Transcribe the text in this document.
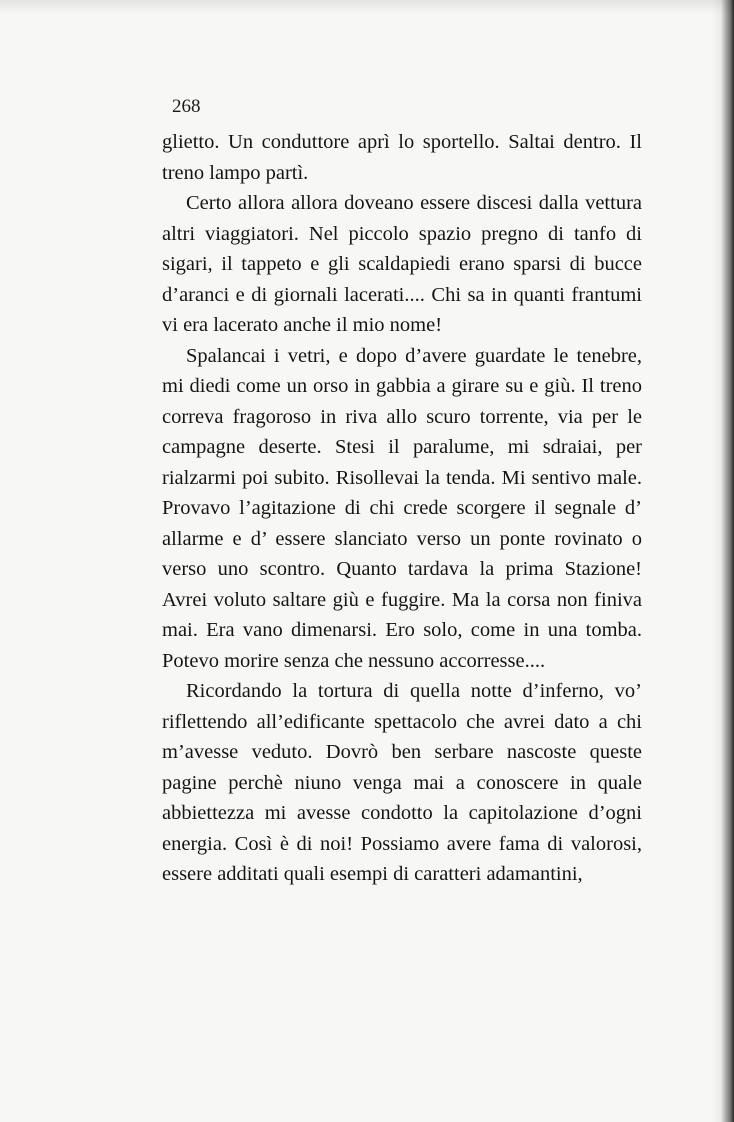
268

glietto. Un conduttore aprì lo sportello. Saltai dentro. Il treno lampo partì.

Certo allora allora doveano essere discesi dalla vettura altri viaggiatori. Nel piccolo spazio pregno di tanfo di sigari, il tappeto e gli scaldapiedi erano sparsi di bucce d’aranci e di giornali lacerati.... Chi sa in quanti frantumi vi era lacerato anche il mio nome!

Spalancai i vetri, e dopo d’avere guardate le tenebre, mi diedi come un orso in gabbia a girare su e giù. Il treno correva fragoroso in riva allo scuro torrente, via per le campagne deserte. Stesi il paralume, mi sdraiai, per rialzarmi poi subito. Risollevai la tenda. Mi sentivo male. Provavo l’agitazione di chi crede scorgere il segnale d’ allarme e d’ essere slanciato verso un ponte rovinato o verso uno scontro. Quanto tardava la prima Stazione! Avrei voluto saltare giù e fuggire. Ma la corsa non finiva mai. Era vano dimenarsi. Ero solo, come in una tomba. Potevo morire senza che nessuno accorresse....

Ricordando la tortura di quella notte d’inferno, vo’ riflettendo all’edificante spettacolo che avrei dato a chi m’avesse veduto. Dovrò ben serbare nascoste queste pagine perchè niuno venga mai a conoscere in quale abbiettezza mi avesse condotto la capitolazione d’ogni energia. Così è di noi! Possiamo avere fama di valorosi, essere additati quali esempi di caratteri adamantini,
